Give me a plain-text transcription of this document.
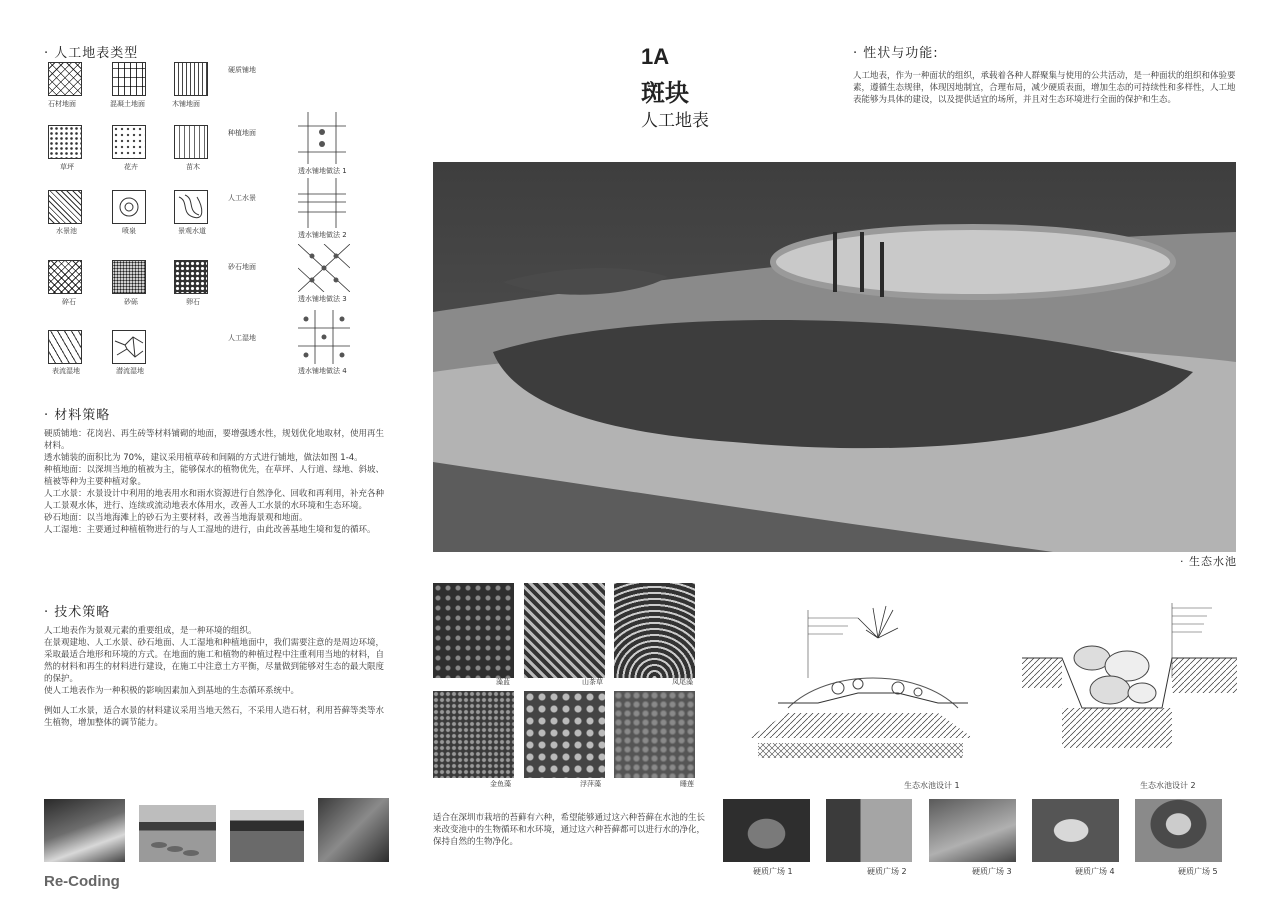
· 人工地表类型
石材地面	混凝土地面	木铺地面
硬质铺地
草坪	花卉	苗木
种植地面
水景池	喷泉	景观水道
人工水景
碎石	砂砾	卵石
砂石地面
表流湿地	潜流湿地
人工湿地
透水铺地做法 1
透水铺地做法 2
透水铺地做法 3
透水铺地做法 4
· 材料策略

硬质铺地：花岗岩、再生砖等材料铺砌的地面，要增强透水性，规划优化地取材，使用再生材料。

透水铺装的面积比为 70%，建议采用植草砖和间隔的方式进行铺地，做法如图 1-4。

种植地面：以深圳当地的植被为主，能够保水的植物优先，在草坪、人行道、绿地、斜坡、植被等种为主要种植对象。

人工水景：水景设计中利用的地表用水和雨水资源进行自然净化、回收和再利用，补充各种人工景观水体，进行、连续或流动地表水体用水，改善人工水景的水环境和生态环境。

砂石地面：以当地海滩上的砂石为主要材料，改善当地海景观和地面。

人工湿地：主要通过种植植物进行的与人工湿地的进行，由此改善基地生境和复的循环。

· 技术策略

人工地表作为景观元素的重要组成，是一种环境的组织。

在景观建地、人工水景、砂石地面、人工湿地和种植地面中，我们需要注意的是周边环境，采取最适合地形和环境的方式。在地面的施工和植物的种植过程中注重利用当地的材料，自然的材料和再生的材料进行建设，在施工中注意土方平衡，尽量做到能够对生态的最大限度的保护。

使人工地表作为一种积极的影响因素加入到基地的生态循环系统中。

例如人工水景，适合水景的材料建议采用当地天然石，不采用人造石材，利用苔藓等类等水生植物，增加整体的调节能力。

Re-Coding
1A
斑块
人工地表
· 性状与功能:
人工地表，作为一种面状的组织，承载着各种人群聚集与使用的公共活动，是一种面状的组织和体验要素，遵循生态规律，体现因地制宜，合理布局，减少硬质表面，增加生态的可持续性和多样性，人工地表能够为具体的建设，以及提供适宜的场所，并且对生态环境进行全面的保护和生态。
· 生态水池
藻蓝	山茶草	凤尾藻
金鱼藻	浮萍藻	睡莲
适合在深圳市栽培的苔藓有六种，希望能够通过这六种苔藓在水池的生长来改变池中的生物循环和水环境，通过这六种苔藓都可以进行水的净化，保持自然的生物净化。
生态水池设计 1	生态水池设计 2
硬质广场 1	硬质广场 2	硬质广场 3	硬质广场 4	硬质广场 5
